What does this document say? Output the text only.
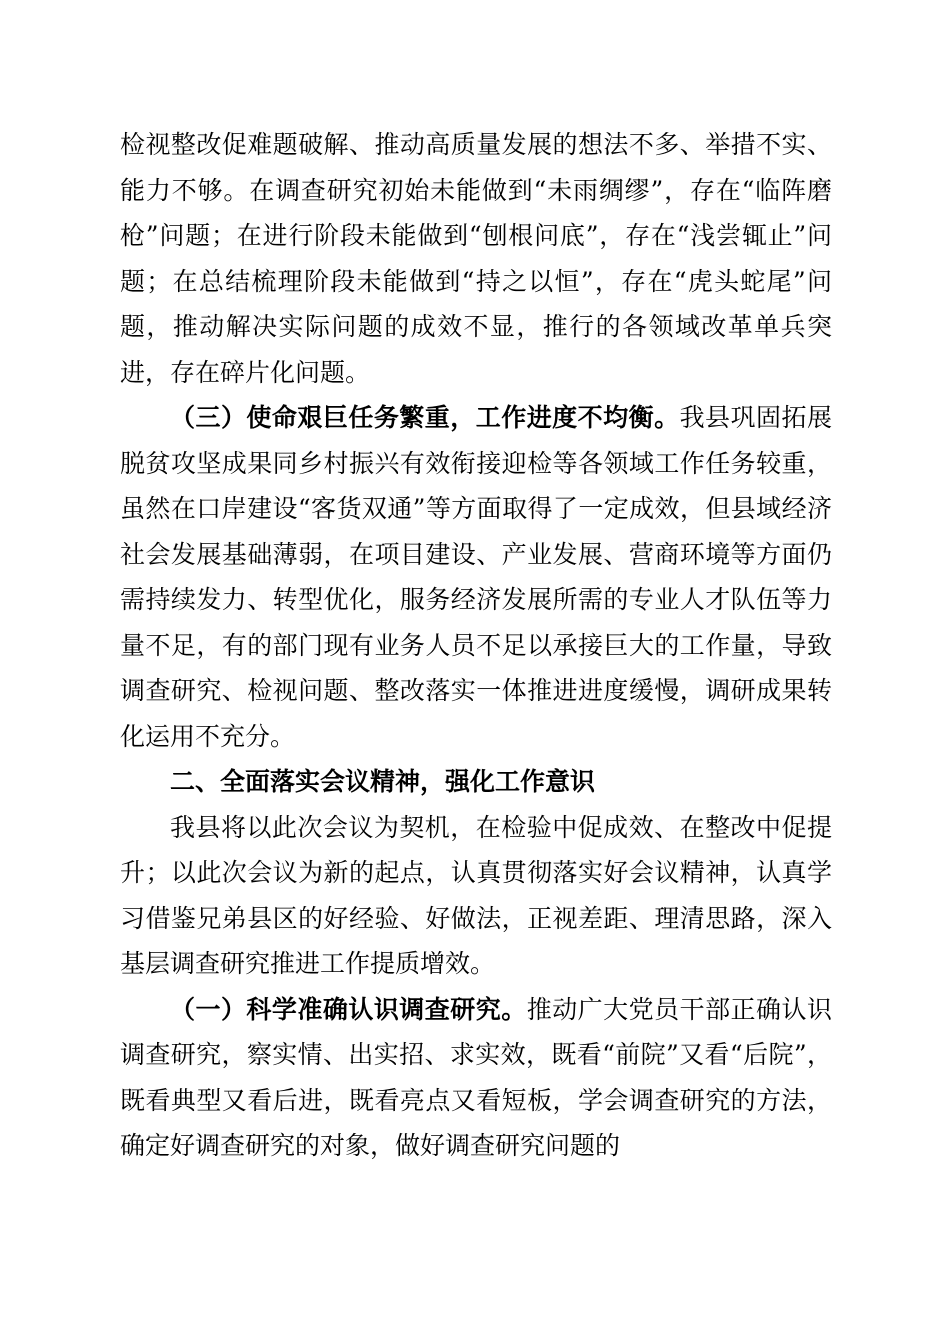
检视整改促难题破解、推动高质量发展的想法不多、举措不实、能力不够。在调查研究初始未能做到“未雨绸缪”，存在“临阵磨枪”问题；在进行阶段未能做到“刨根问底”，存在“浅尝辄止”问题；在总结梳理阶段未能做到“持之以恒”，存在“虎头蛇尾”问题，推动解决实际问题的成效不显，推行的各领域改革单兵突进，存在碎片化问题。

（三）使命艰巨任务繁重，工作进度不均衡。我县巩固拓展脱贫攻坚成果同乡村振兴有效衔接迎检等各领域工作任务较重，虽然在口岸建设“客货双通”等方面取得了一定成效，但县域经济社会发展基础薄弱，在项目建设、产业发展、营商环境等方面仍需持续发力、转型优化，服务经济发展所需的专业人才队伍等力量不足，有的部门现有业务人员不足以承接巨大的工作量，导致调查研究、检视问题、整改落实一体推进进度缓慢，调研成果转化运用不充分。

二、全面落实会议精神，强化工作意识

我县将以此次会议为契机，在检验中促成效、在整改中促提升；以此次会议为新的起点，认真贯彻落实好会议精神，认真学习借鉴兄弟县区的好经验、好做法，正视差距、理清思路，深入基层调查研究推进工作提质增效。

（一）科学准确认识调查研究。推动广大党员干部正确认识调查研究，察实情、出实招、求实效，既看“前院”又看“后院”，既看典型又看后进，既看亮点又看短板，学会调查研究的方法，确定好调查研究的对象，做好调查研究问题的
